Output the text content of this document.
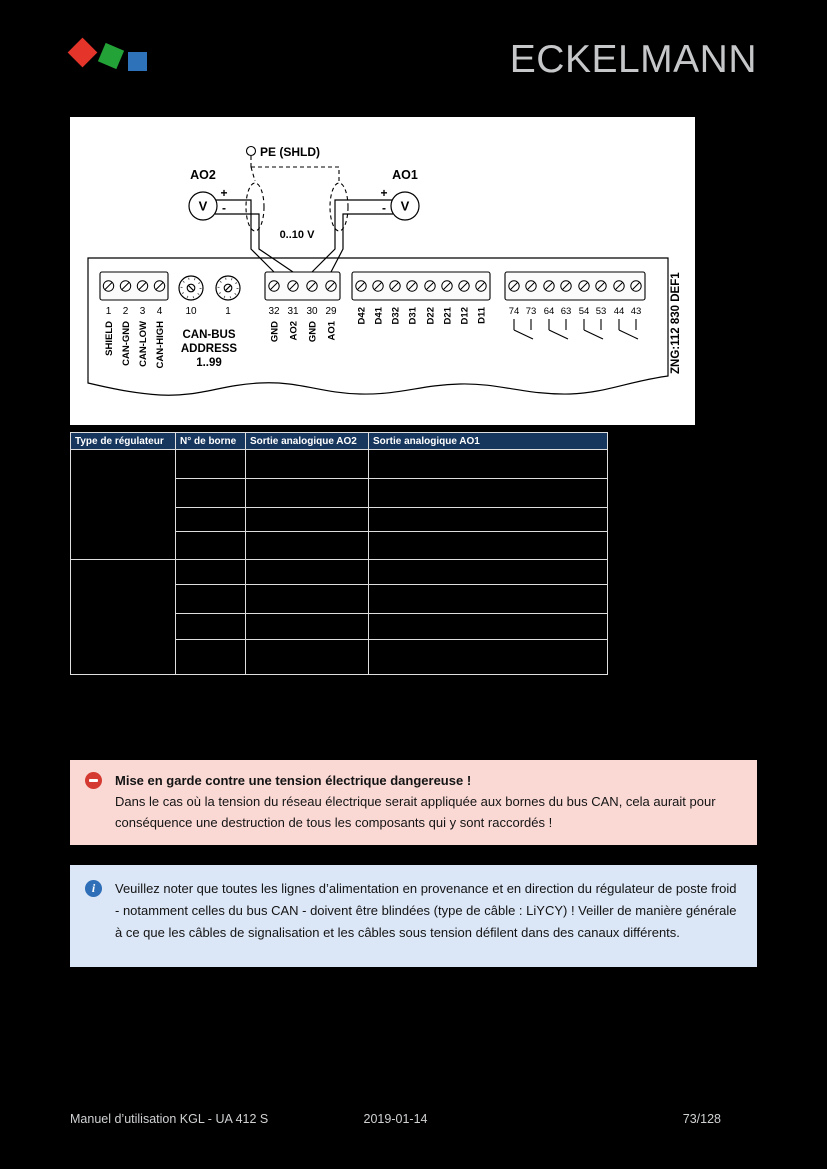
ECKELMANN
PE (SHLD)
AO2	AO1
V	V
+
-
+
-
0..10 V
1 2 3 4
SHIELD CAN-GND CAN-LOW CAN-HIGH
10	1
CAN-BUS
ADDRESS
1..99
32 31 30 29
GND AO2 GND AO1
D42 D41 D32 D31 D22 D21 D12 D11 74 73 64 63 54 53 44 43 ZNG:112 830 DEF1
Type de régulateur	N° de borne	Sortie analogique AO2	Sortie analogique AO1

Mise en garde contre une tension électrique dangereuse !
Dans le cas où la tension du réseau électrique serait appliquée aux bornes du bus CAN, cela aurait pour conséquence une destruction de tous les composants qui y sont raccordés !
i	Veuillez noter que toutes les lignes d’alimentation en provenance et en direction du régulateur de poste froid - notamment celles du bus CAN - doivent être blindées (type de câble : LiYCY) ! Veiller de manière générale à ce que les câbles de signalisation et les câbles sous tension défilent dans des canaux différents.
Manuel d’utilisation KGL - UA 412 S	2019-01-14	73/128
